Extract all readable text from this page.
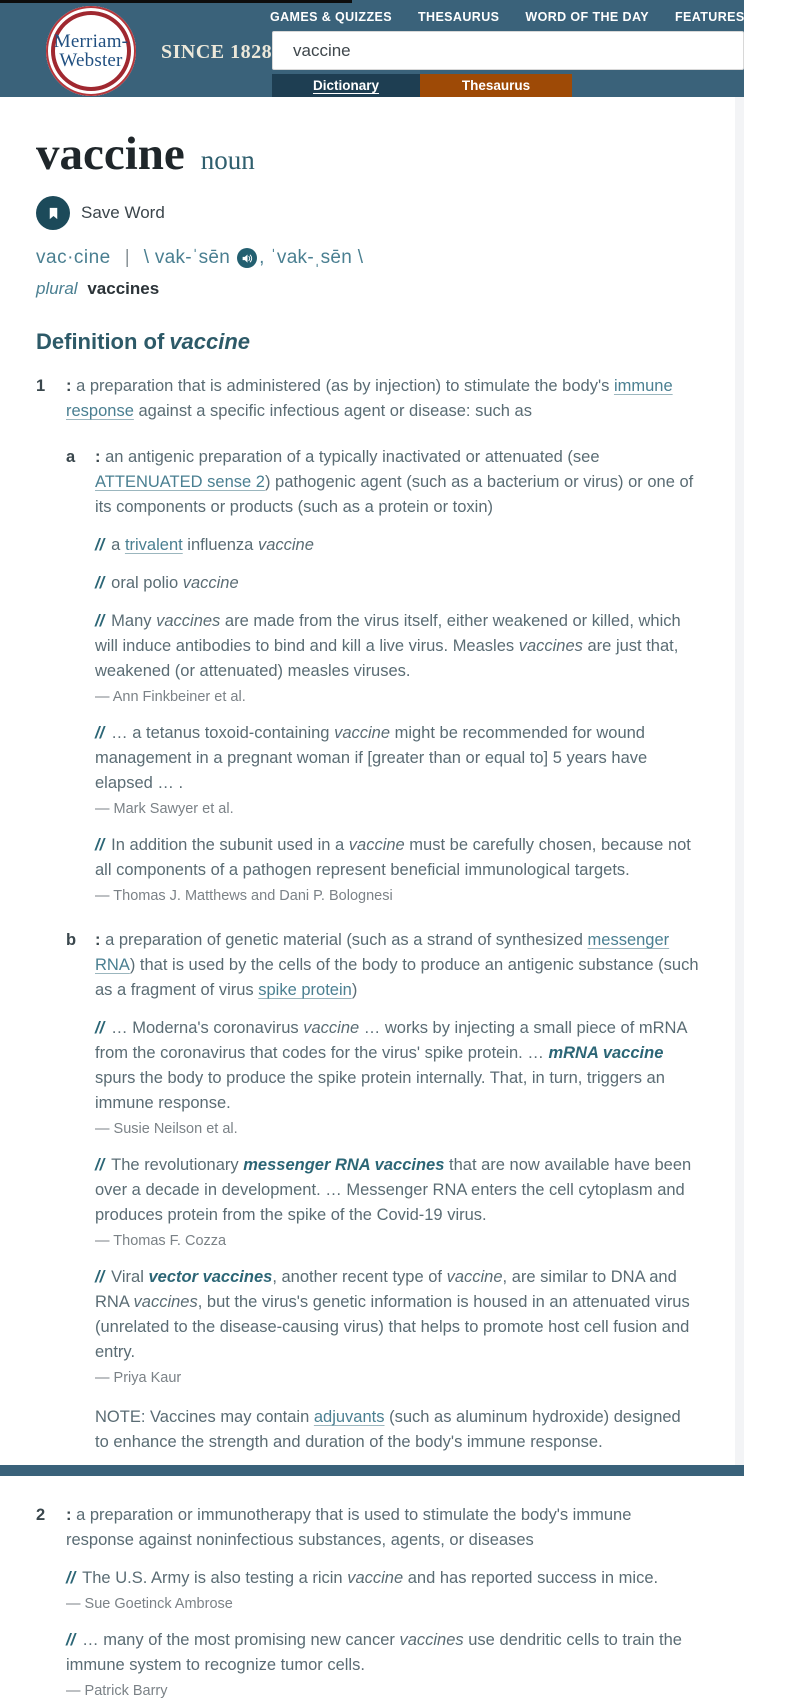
Merriam-
Webster SINCE 1828
GAMES & QUIZZES THESAURUS WORD OF THE DAY FEATURES SHOP
vaccine
Dictionary	Thesaurus
vaccine noun
Save Word
vac·cine | \ vak-ˈsēn , ˈvak-ˌsēn \
plural vaccines
Definition of vaccine
1	: a preparation that is administered (as by injection) to stimulate the body's immune response against a specific infectious agent or disease: such as

a	: an antigenic preparation of a typically inactivated or attenuated (see ATTENUATED sense 2) pathogenic agent (such as a bacterium or virus) or one of its components or products (such as a protein or toxin)

// a trivalent influenza vaccine

// oral polio vaccine

// Many vaccines are made from the virus itself, either weakened or killed, which will induce antibodies to bind and kill a live virus. Measles vaccines are just that, weakened (or attenuated) measles viruses.

— Ann Finkbeiner et al.

// … a tetanus toxoid-containing vaccine might be recommended for wound management in a pregnant woman if [greater than or equal to] 5 years have elapsed … .

— Mark Sawyer et al.

// In addition the subunit used in a vaccine must be carefully chosen, because not all components of a pathogen represent beneficial immunological targets.

— Thomas J. Matthews and Dani P. Bolognesi
b	: a preparation of genetic material (such as a strand of synthesized messenger RNA) that is used by the cells of the body to produce an antigenic substance (such as a fragment of virus spike protein)

// … Moderna's coronavirus vaccine … works by injecting a small piece of mRNA from the coronavirus that codes for the virus' spike protein. … mRNA vaccine spurs the body to produce the spike protein internally. That, in turn, triggers an immune response.

— Susie Neilson et al.

// The revolutionary messenger RNA vaccines that are now available have been over a decade in development. … Messenger RNA enters the cell cytoplasm and produces protein from the spike of the Covid-19 virus.

— Thomas F. Cozza

// Viral vector vaccines, another recent type of vaccine, are similar to DNA and RNA vaccines, but the virus's genetic information is housed in an attenuated virus (unrelated to the disease-causing virus) that helps to promote host cell fusion and entry.

— Priya Kaur

NOTE: Vaccines may contain adjuvants (such as aluminum hydroxide) designed to enhance the strength and duration of the body's immune response.

2	: a preparation or immunotherapy that is used to stimulate the body's immune response against noninfectious substances, agents, or diseases

// The U.S. Army is also testing a ricin vaccine and has reported success in mice.

— Sue Goetinck Ambrose

// … many of the most promising new cancer vaccines use dendritic cells to train the immune system to recognize tumor cells.

— Patrick Barry
